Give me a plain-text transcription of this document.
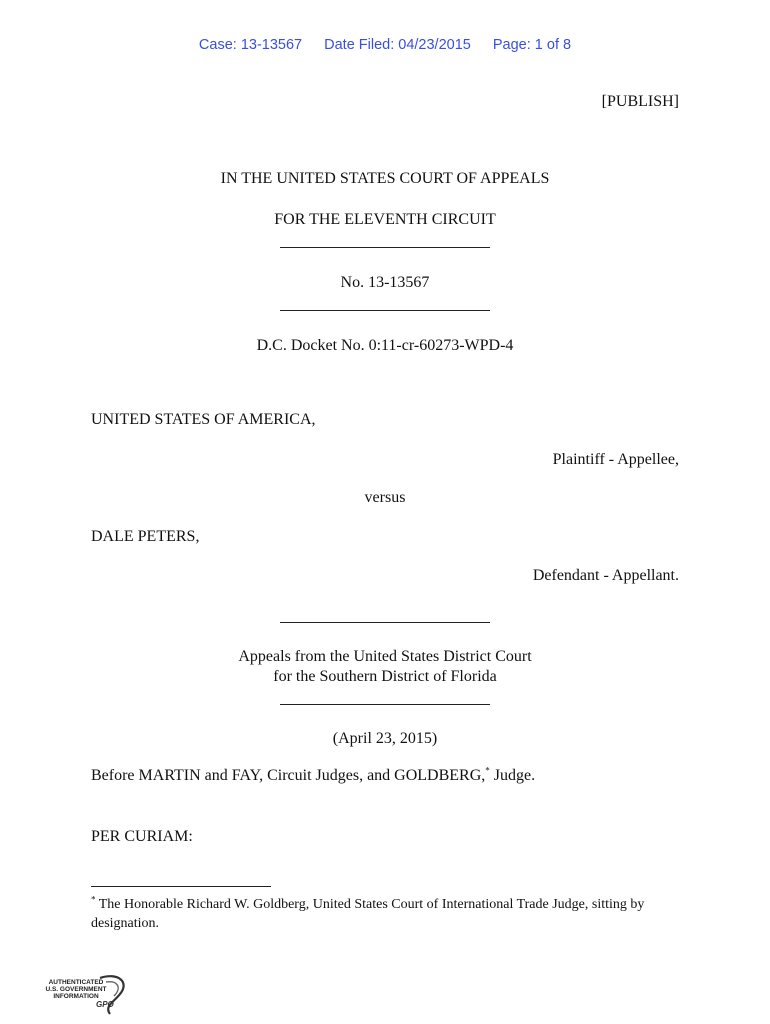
Case: 13-13567 Date Filed: 04/23/2015 Page: 1 of 8
[PUBLISH]
IN THE UNITED STATES COURT OF APPEALS
FOR THE ELEVENTH CIRCUIT
No. 13-13567
D.C. Docket No. 0:11-cr-60273-WPD-4
UNITED STATES OF AMERICA,
Plaintiff - Appellee,
versus
DALE PETERS,
Defendant - Appellant.
Appeals from the United States District Court
for the Southern District of Florida
(April 23, 2015)
Before MARTIN and FAY, Circuit Judges, and GOLDBERG,* Judge.
PER CURIAM:
* The Honorable Richard W. Goldberg, United States Court of International Trade Judge, sitting by designation.
AUTHENTICATED
U.S. GOVERNMENT
INFORMATION
GPO
